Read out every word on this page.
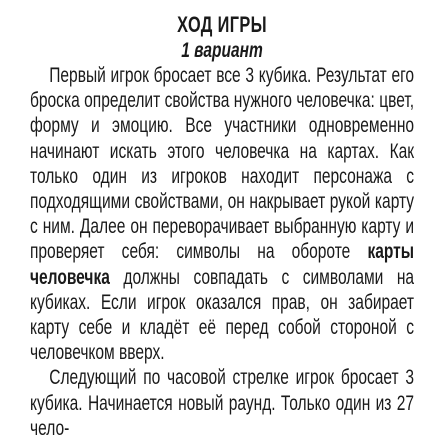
ХОД ИГРЫ
1 вариант

Первый игрок бросает все 3 кубика. Результат его броска определит свойства нужного человечка: цвет, форму и эмоцию. Все участники одновременно начинают искать этого человечка на картах. Как только один из игроков находит персонажа с подходящими свойствами, он накрывает рукой карту с ним. Далее он переворачивает выбранную карту и проверяет себя: символы на обороте карты человечка должны совпадать с символами на кубиках. Если игрок оказался прав, он забирает карту себе и кладёт её перед собой стороной с человечком вверх.

Следующий по часовой стрелке игрок бросает 3 кубика. Начинается новый раунд. Только один из 27 чело-
